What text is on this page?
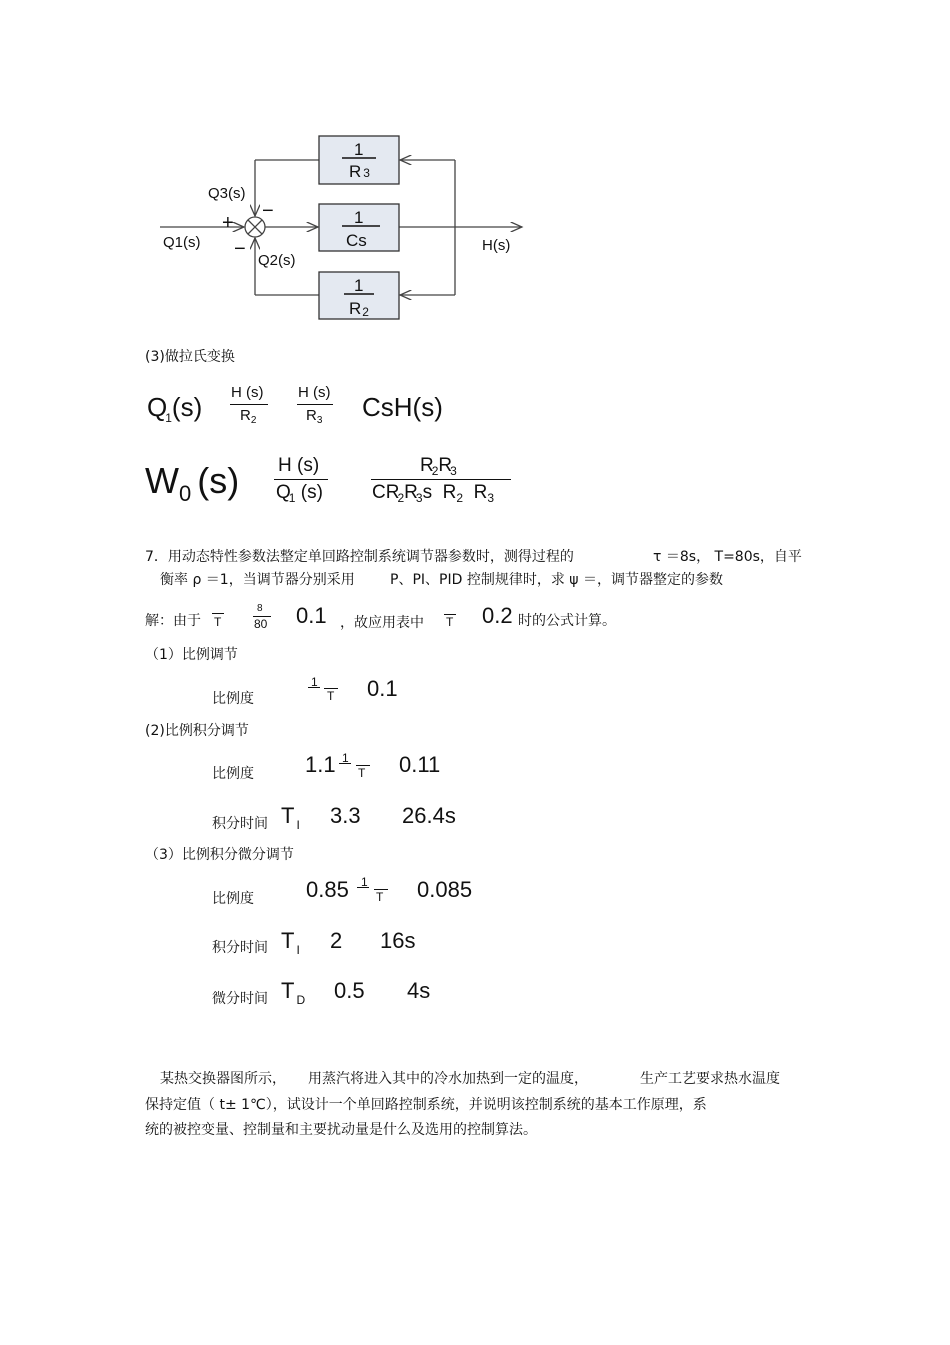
1
R 3
1
Cs
1
R2
Q3(s)
Q1(s)
Q2(s)
H(s)
+
−
−
(3)做拉氏变换
$Q_1(s)$ H (s)
$R_2$
H (s)
$R_3$ CsH(s)
$W_0$ (s) H (s)
$Q_1$ (s)
$R_2R_3$
$CR_2R_3s$  $R_2$  $R_3$
7．用动态特性参数法整定单回路控制系统调节器参数时，测得过程的	τ ＝8s， T=80s，自平
衡率 ρ ＝1，当调节器分别采用	P、PI、PID 控制规律时，求 ψ ＝，调节器整定的参数
解：由于 T
8
80 0.1 ，故应用表中 T 0.2 时的公式计算。
（1）比例调节
比例度
1
T 0.1
(2)比例积分调节
比例度 1.1 1
T 0.11
积分时间 T $_I$ 3.3 26.4s
（3）比例积分微分调节
比例度 0.85 1
T 0.085
积分时间 T $_I$ 2 16s
微分时间 T $_D$ 0.5 4s
某热交换器图所示， 用蒸汽将进入其中的冷水加热到一定的温度，	生产工艺要求热水温度
保持定值（ t± 1℃），试设计一个单回路控制系统，并说明该控制系统的基本工作原理，系
统的被控变量、控制量和主要扰动量是什么及选用的控制算法。
